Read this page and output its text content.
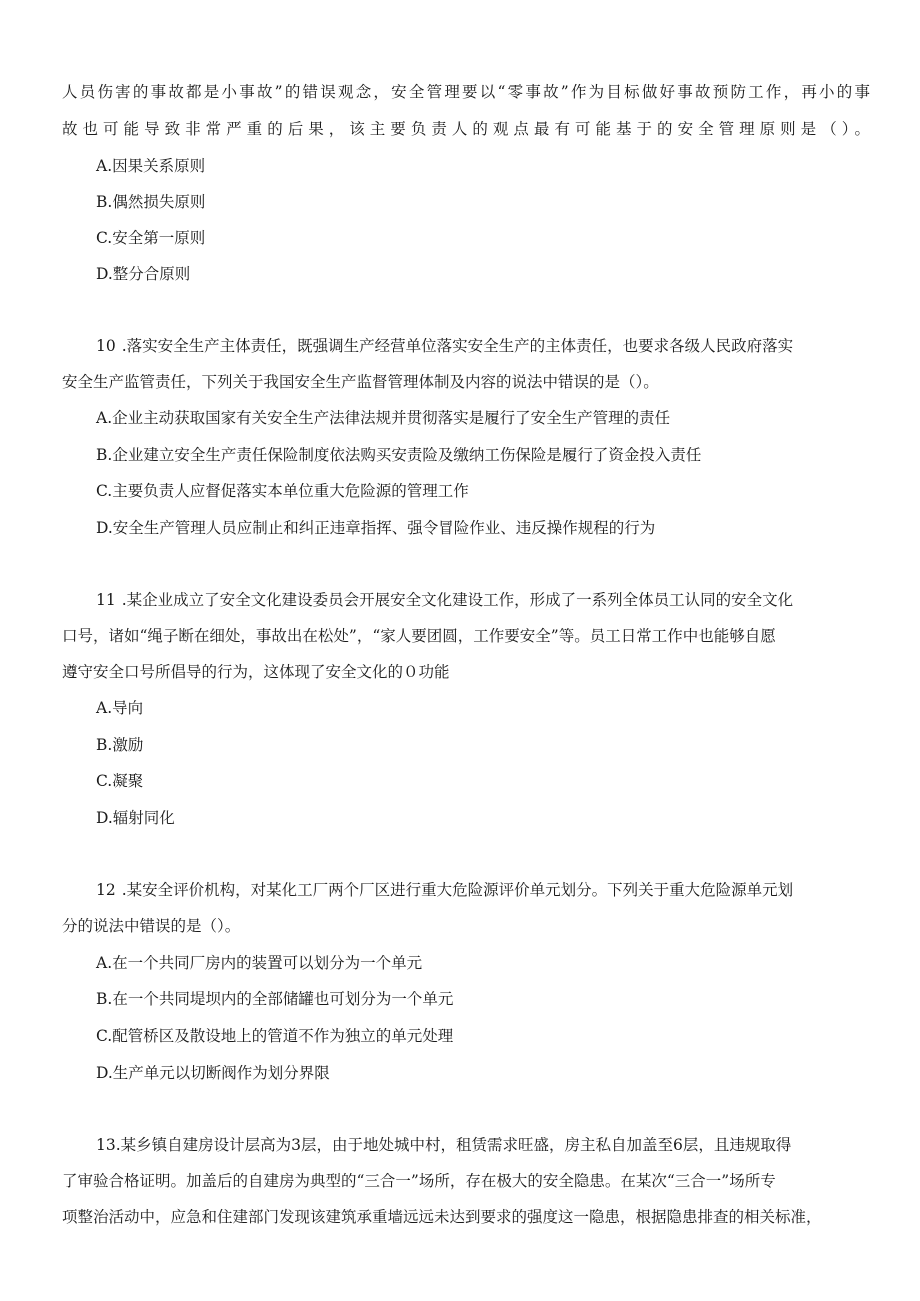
人员伤害的事故都是小事故”的错误观念，安全管理要以“零事故”作为目标做好事故预防工作，再小的事
故也可能导致非常严重的后果，该主要负责人的观点最有可能基于的安全管理原则是（）。
A.因果关系原则
B.偶然损失原则
C.安全第一原则
D.整分合原则
10 .落实安全生产主体责任，既强调生产经营单位落实安全生产的主体责任，也要求各级人民政府落实
安全生产监管责任，下列关于我国安全生产监督管理体制及内容的说法中错误的是（）。
A.企业主动获取国家有关安全生产法律法规并贯彻落实是履行了安全生产管理的责任
B.企业建立安全生产责任保险制度依法购买安责险及缴纳工伤保险是履行了资金投入责任
C.主要负责人应督促落实本单位重大危险源的管理工作
D.安全生产管理人员应制止和纠正违章指挥、强令冒险作业、违反操作规程的行为
11 .某企业成立了安全文化建设委员会开展安全文化建设工作，形成了一系列全体员工认同的安全文化
口号，诸如“绳子断在细处，事故出在松处”，“家人要团圆，工作要安全”等。员工日常工作中也能够自愿
遵守安全口号所倡导的行为，这体现了安全文化的０功能
A.导向
B.激励
C.凝聚
D.辐射同化
12 .某安全评价机构，对某化工厂两个厂区进行重大危险源评价单元划分。下列关于重大危险源单元划
分的说法中错误的是（）。
A.在一个共同厂房内的装置可以划分为一个单元
B.在一个共同堤坝内的全部储罐也可划分为一个单元
C.配管桥区及散设地上的管道不作为独立的单元处理
D.生产单元以切断阀作为划分界限
13.某乡镇自建房设计层高为3层，由于地处城中村，租赁需求旺盛，房主私自加盖至6层，且违规取得
了审验合格证明。加盖后的自建房为典型的“三合一”场所，存在极大的安全隐患。在某次“三合一”场所专
项整治活动中，应急和住建部门发现该建筑承重墙远远未达到要求的强度这一隐患，根据隐患排查的相关标准，
